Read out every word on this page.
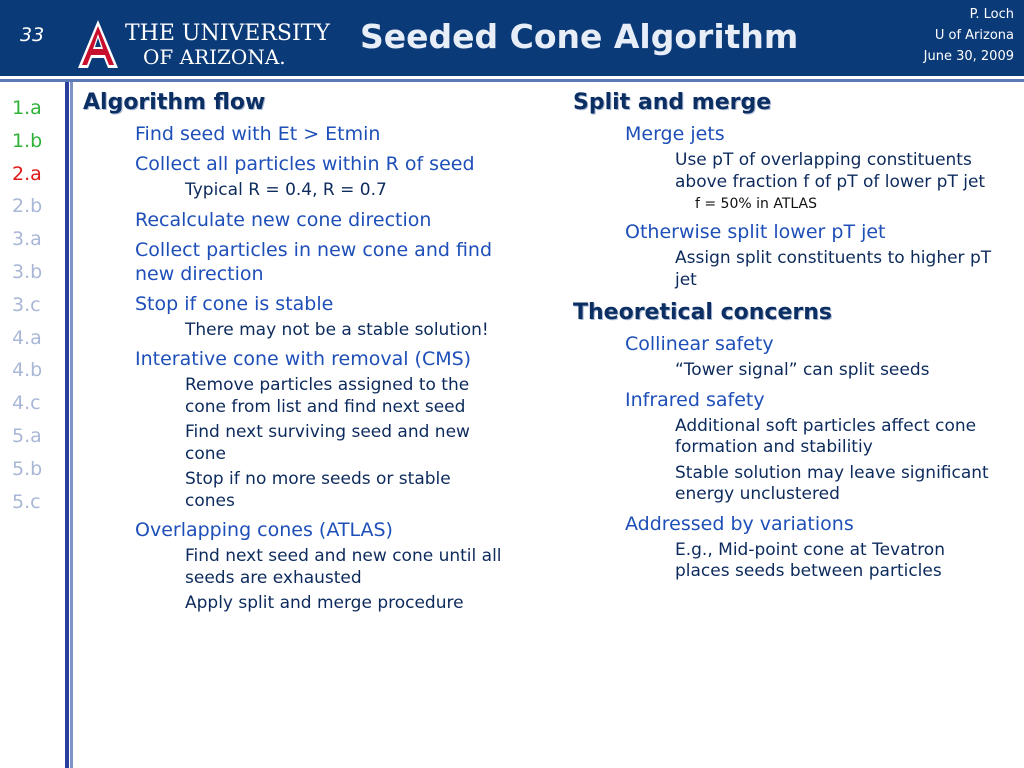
33	THE UNIVERSITY
OF ARIZONA.
Seeded Cone Algorithm
P. Loch
U of Arizona
June 30, 2009
1.a
1.b
2.a
2.b
3.a
3.b
3.c
4.a
4.b
4.c
5.a
5.b
5.c
Algorithm flow
Find seed with Et > Etmin
Collect all particles within R of seed
Typical R = 0.4, R = 0.7
Recalculate new cone direction
Collect particles in new cone and find new direction
Stop if cone is stable
There may not be a stable solution!
Interative cone with removal (CMS)
Remove particles assigned to the cone from list and find next seed
Find next surviving seed and new cone
Stop if no more seeds or stable cones
Overlapping cones (ATLAS)
Find next seed and new cone until all seeds are exhausted
Apply split and merge procedure
Split and merge
Merge jets
Use pT of overlapping constituents above fraction f of pT of lower pT jet
f = 50% in ATLAS
Otherwise split lower pT jet
Assign split constituents to higher pT jet
Theoretical concerns
Collinear safety
“Tower signal” can split seeds
Infrared safety
Additional soft particles affect cone formation and stabilitiy
Stable solution may leave significant energy unclustered
Addressed by variations
E.g., Mid-point cone at Tevatron places seeds between particles
